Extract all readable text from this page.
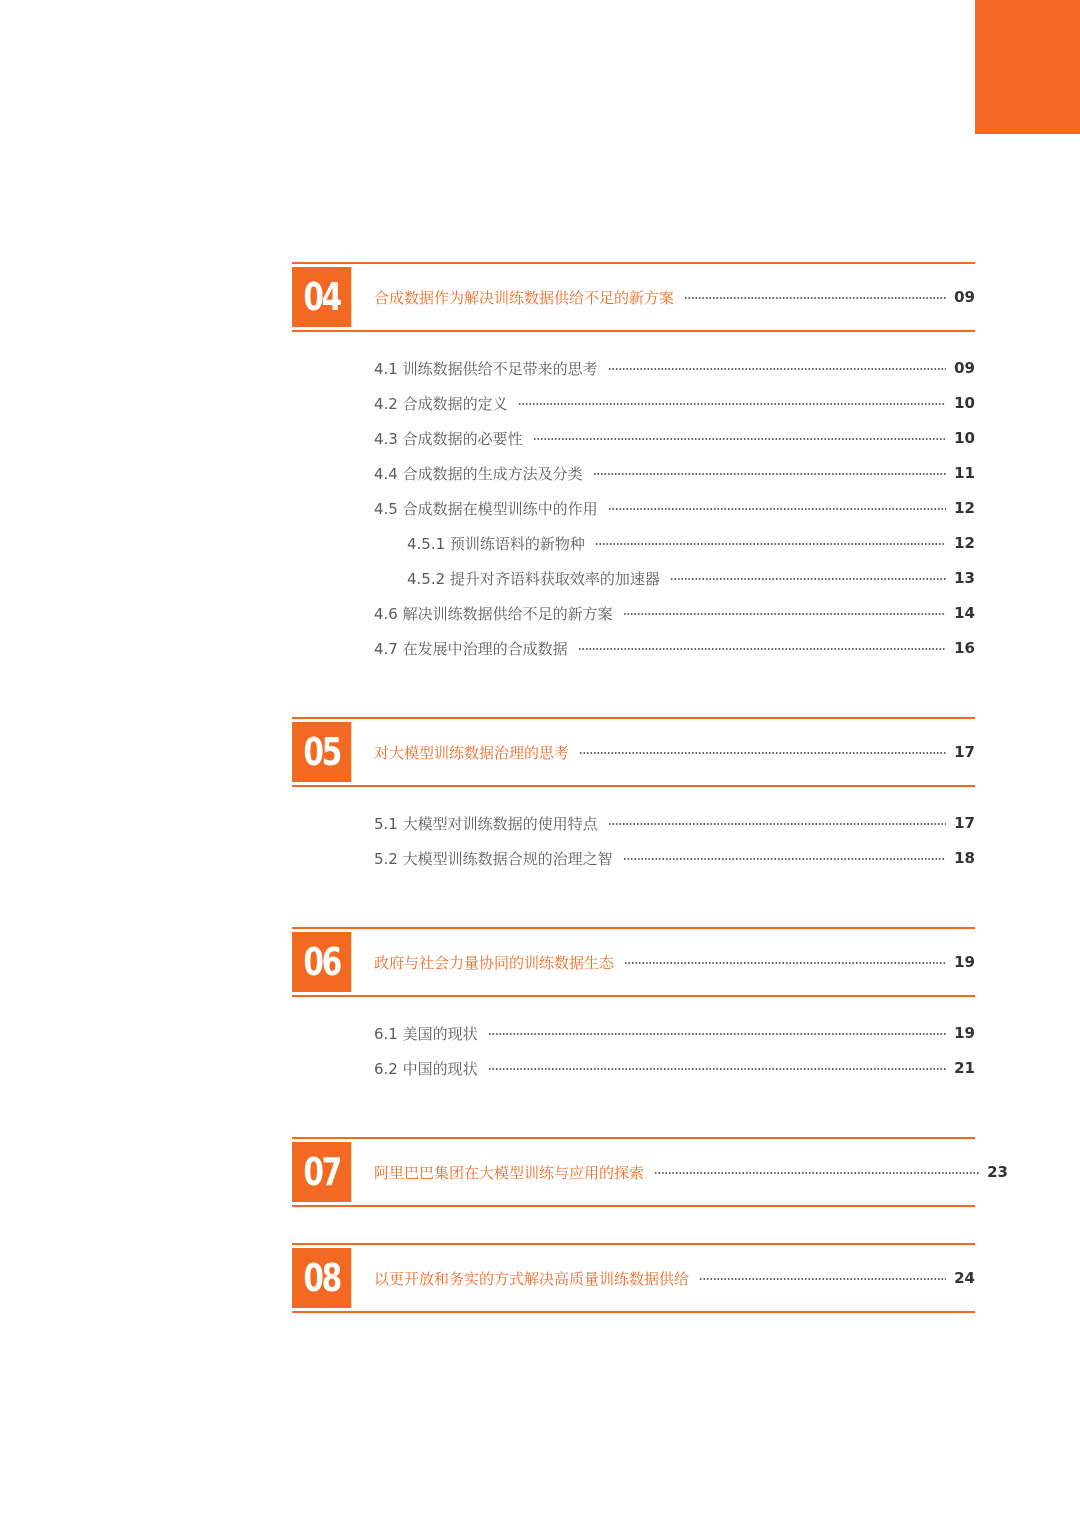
04	合成数据作为解决训练数据供给不足的新方案	09
4.1 训练数据供给不足带来的思考	09
4.2 合成数据的定义	10
4.3 合成数据的必要性	10
4.4 合成数据的生成方法及分类	11
4.5 合成数据在模型训练中的作用	12
4.5.1 预训练语料的新物种	12
4.5.2 提升对齐语料获取效率的加速器	13
4.6 解决训练数据供给不足的新方案	14
4.7 在发展中治理的合成数据	16
05	对大模型训练数据治理的思考	17
5.1 大模型对训练数据的使用特点	17
5.2 大模型训练数据合规的治理之智	18
06	政府与社会力量协同的训练数据生态	19
6.1 美国的现状	19
6.2 中国的现状	21
07	阿里巴巴集团在大模型训练与应用的探索	23
08	以更开放和务实的方式解决高质量训练数据供给	24
